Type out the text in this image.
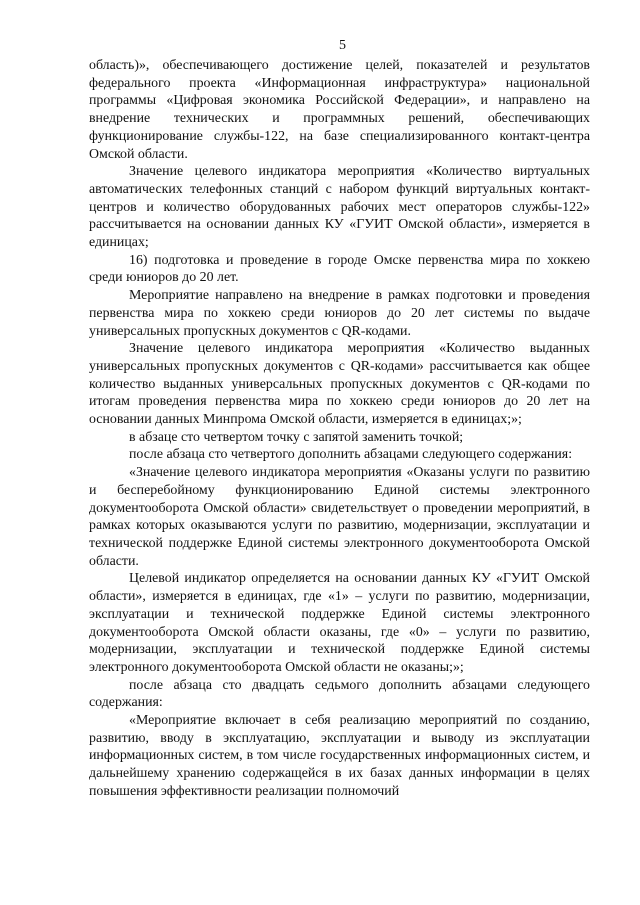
5

область)», обеспечивающего достижение целей, показателей и результатов федерального проекта «Информационная инфраструктура» национальной программы «Цифровая экономика Российской Федерации», и направлено на внедрение технических и программных решений, обеспечивающих функционирование службы-122, на базе специализированного контакт-центра Омской области.

Значение целевого индикатора мероприятия «Количество виртуальных автоматических телефонных станций с набором функций виртуальных контакт-центров и количество оборудованных рабочих мест операторов службы-122» рассчитывается на основании данных КУ «ГУИТ Омской области», измеряется в единицах;

16) подготовка и проведение в городе Омске первенства мира по хоккею среди юниоров до 20 лет.

Мероприятие направлено на внедрение в рамках подготовки и проведения первенства мира по хоккею среди юниоров до 20 лет системы по выдаче универсальных пропускных документов с QR-кодами.

Значение целевого индикатора мероприятия «Количество выданных универсальных пропускных документов с QR-кодами» рассчитывается как общее количество выданных универсальных пропускных документов с QR-кодами по итогам проведения первенства мира по хоккею среди юниоров до 20 лет на основании данных Минпрома Омской области, измеряется в единицах;»;

в абзаце сто четвертом точку с запятой заменить точкой;

после абзаца сто четвертого дополнить абзацами следующего содержания:

«Значение целевого индикатора мероприятия «Оказаны услуги по развитию и бесперебойному функционированию Единой системы электронного документооборота Омской области» свидетельствует о проведении мероприятий, в рамках которых оказываются услуги по развитию, модернизации, эксплуатации и технической поддержке Единой системы электронного документооборота Омской области.

Целевой индикатор определяется на основании данных КУ «ГУИТ Омской области», измеряется в единицах, где «1» – услуги по развитию, модернизации, эксплуатации и технической поддержке Единой системы электронного документооборота Омской области оказаны, где «0» – услуги по развитию, модернизации, эксплуатации и технической поддержке Единой системы электронного документооборота Омской области не оказаны;»;

после абзаца сто двадцать седьмого дополнить абзацами следующего содержания:

«Мероприятие включает в себя реализацию мероприятий по созданию, развитию, вводу в эксплуатацию, эксплуатации и выводу из эксплуатации информационных систем, в том числе государственных информационных систем, и дальнейшему хранению содержащейся в их базах данных информации в целях повышения эффективности реализации полномочий
